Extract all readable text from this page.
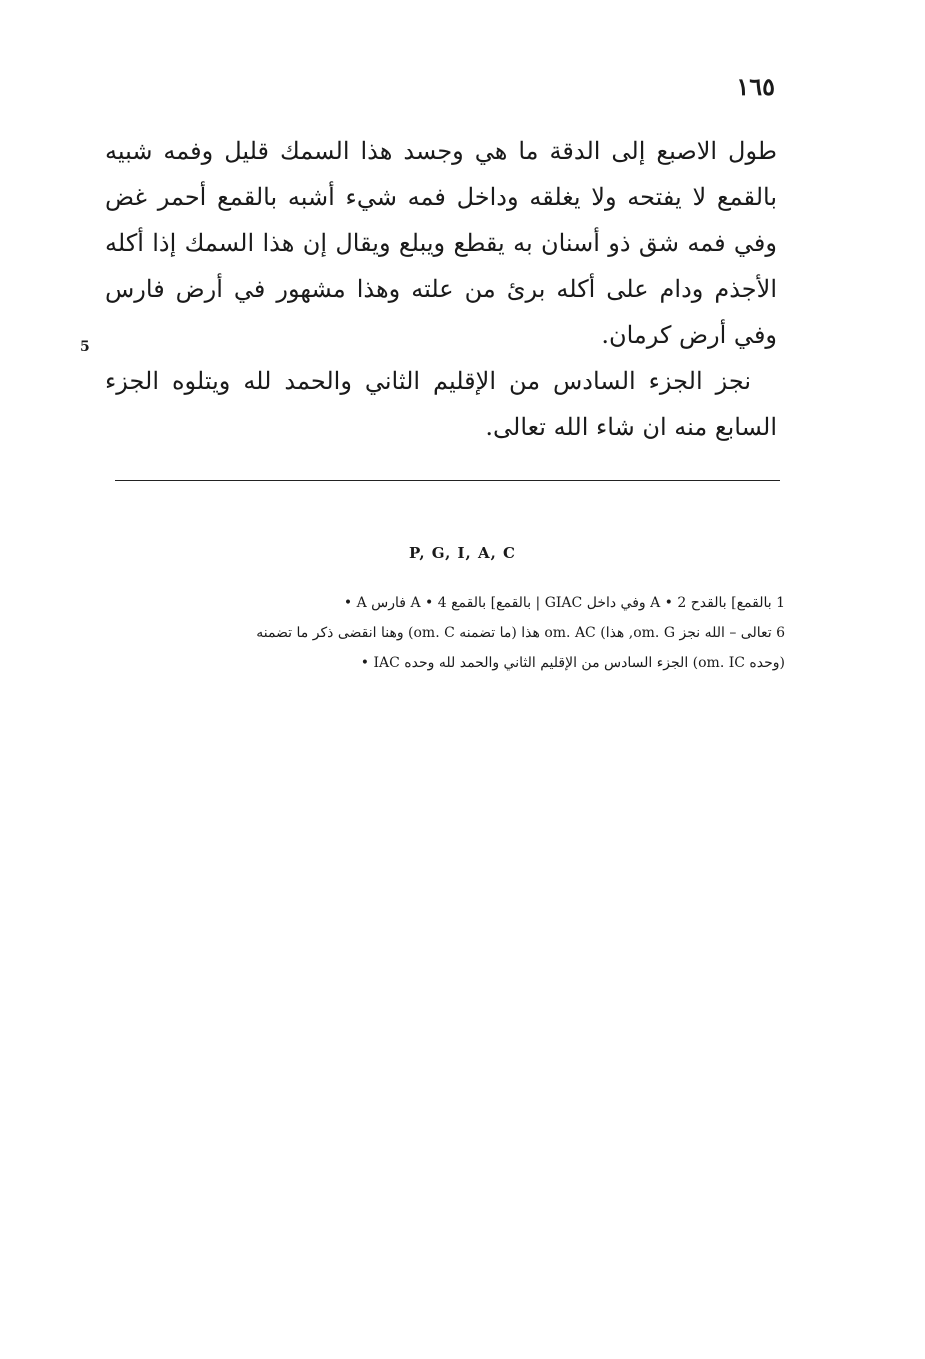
١٦٥

طول الاصبع إلى الدقة ما هي وجسد هذا السمك قليل وفمه شبيه بالقمع لا يفتحه ولا يغلقه وداخل فمه شيء أشبه بالقمع أحمر غض وفي فمه شق ذو أسنان به يقطع ويبلع ويقال إن هذا السمك إذا أكله الأجذم ودام على أكله برئ من علته وهذا مشهور في أرض فارس وفي أرض كرمان.

نجز الجزء السادس من الإقليم الثاني والحمد لله ويتلوه الجزء السابع منه ان شاء الله تعالى.

5
P, G, I, A, C
1 بالقمع] بالقدح A • 2 وفي داخل GIAC | بالقمع] بالقمع A • 4 فارس A •
6 تعالى – الله نجز om. G, هذا) om. AC هذا (ما تضمنه om. C) وهنا انقضى ذكر ما تضمنه
(وحده om. IC) الجزء السادس من الإقليم الثاني والحمد لله وحده IAC •
